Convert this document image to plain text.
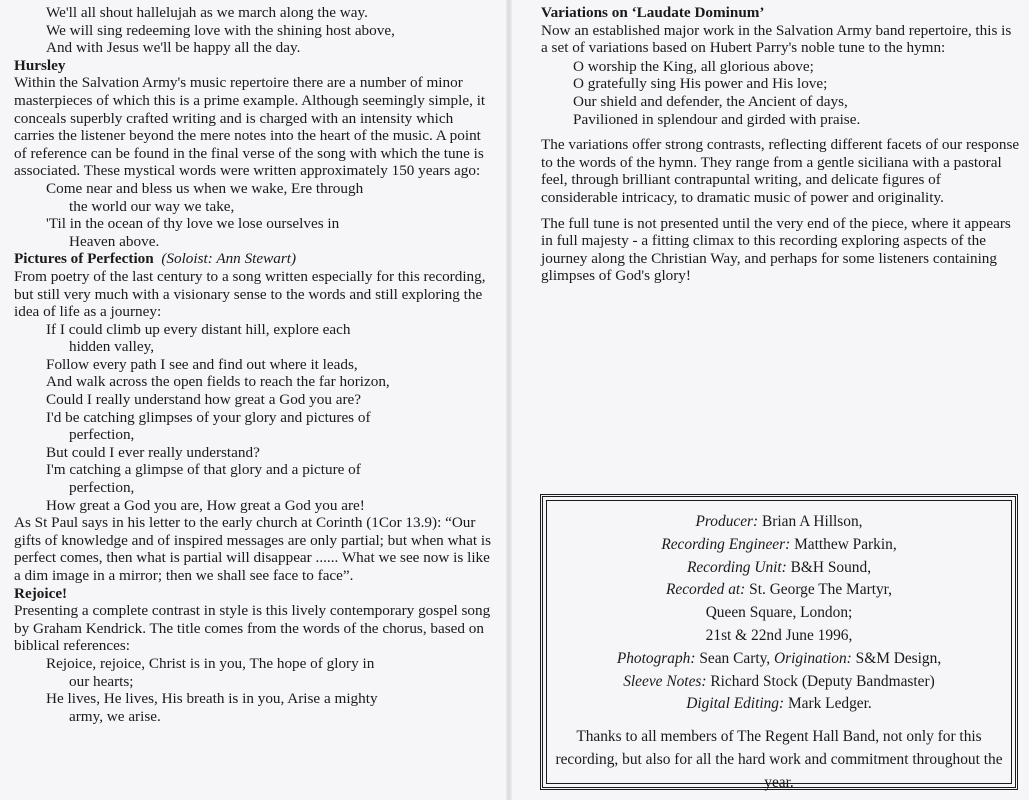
We'll all shout hallelujah as we march along the way.
We will sing redeeming love with the shining host above,
And with Jesus we'll be happy all the day.
Hursley

Within the Salvation Army's music repertoire there are a number of minor masterpieces of which this is a prime example. Although seemingly simple, it conceals superbly crafted writing and is charged with an intensity which carries the listener beyond the mere notes into the heart of the music. A point of reference can be found in the final verse of the song with which the tune is associated. These mystical words were written approximately 150 years ago:

Come near and bless us when we wake, Ere through
the world our way we take,
'Til in the ocean of thy love we lose ourselves in
Heaven above.
Pictures of Perfection (Soloist: Ann Stewart)

From poetry of the last century to a song written especially for this recording, but still very much with a visionary sense to the words and still exploring the idea of life as a journey:

If I could climb up every distant hill, explore each
hidden valley,
Follow every path I see and find out where it leads,
And walk across the open fields to reach the far horizon,
Could I really understand how great a God you are?
I'd be catching glimpses of your glory and pictures of
perfection,
But could I ever really understand?
I'm catching a glimpse of that glory and a picture of
perfection,
How great a God you are, How great a God you are!

As St Paul says in his letter to the early church at Corinth (1Cor 13.9): “Our gifts of knowledge and of inspired messages are only partial; but when what is perfect comes, then what is partial will disappear ...... What we see now is like a dim image in a mirror; then we shall see face to face”.

Rejoice!

Presenting a complete contrast in style is this lively contemporary gospel song by Graham Kendrick. The title comes from the words of the chorus, based on biblical references:

Rejoice, rejoice, Christ is in you, The hope of glory in
our hearts;
He lives, He lives, His breath is in you, Arise a mighty
army, we arise.
Variations on ‘Laudate Dominum’

Now an established major work in the Salvation Army band repertoire, this is a set of variations based on Hubert Parry's noble tune to the hymn:

O worship the King, all glorious above;
O gratefully sing His power and His love;
Our shield and defender, the Ancient of days,
Pavilioned in splendour and girded with praise.

The variations offer strong contrasts, reflecting different facets of our response to the words of the hymn. They range from a gentle siciliana with a pastoral feel, through brilliant contrapuntal writing, and delicate figures of considerable intricacy, to dramatic music of power and originality.

The full tune is not presented until the very end of the piece, where it appears in full majesty - a fitting climax to this recording exploring aspects of the journey along the Christian Way, and perhaps for some listeners containing glimpses of God's glory!

Producer: Brian A Hillson,
Recording Engineer: Matthew Parkin,
Recording Unit: B&H Sound,
Recorded at: St. George The Martyr,
Queen Square, London;
21st & 22nd June 1996,
Photograph: Sean Carty, Origination: S&M Design,
Sleeve Notes: Richard Stock (Deputy Bandmaster)
Digital Editing: Mark Ledger.

Thanks to all members of The Regent Hall Band, not only for this recording, but also for all the hard work and commitment throughout the year.
